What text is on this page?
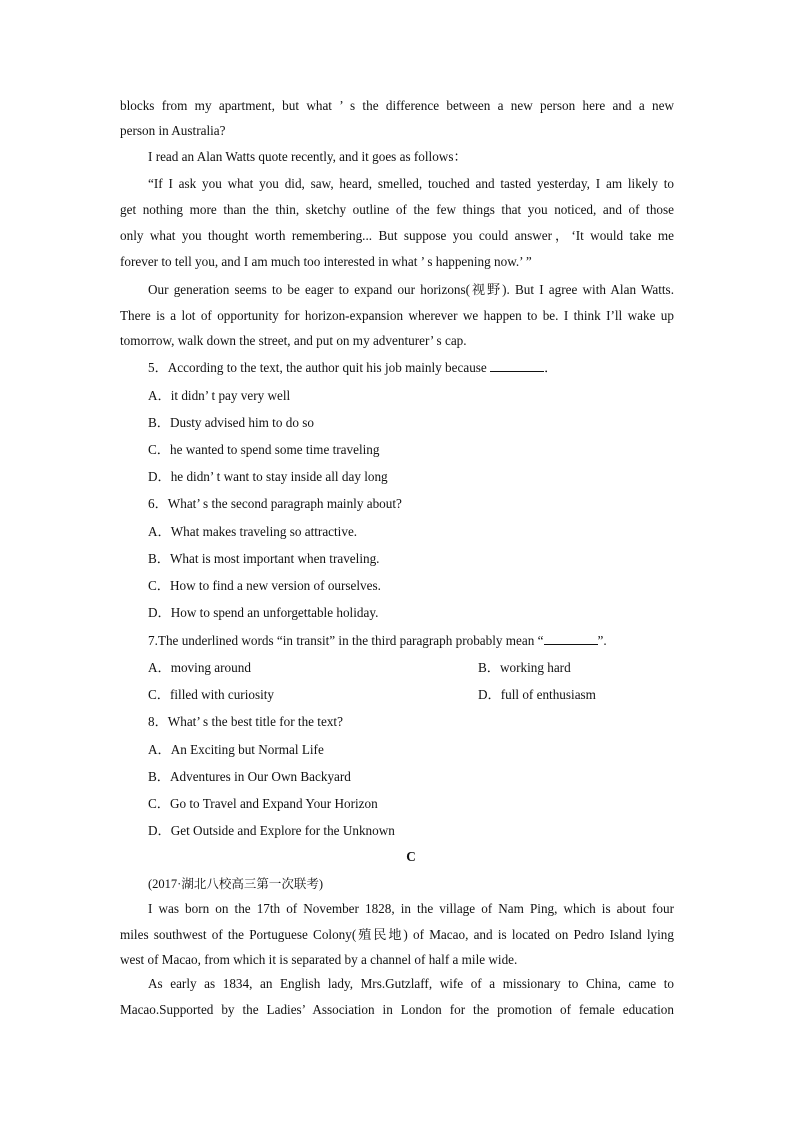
blocks from my apartment, but what ’ s the difference between a new person here and a new

person in Australia?

I read an Alan Watts quote recently, and it goes as follows：

“If I ask you what you did, saw, heard, smelled, touched and tasted yesterday, I am likely to

get nothing more than the thin, sketchy outline of the few things that you noticed, and of those

only what you thought worth remembering... But suppose you could answer，‘It would take me

forever to tell you, and I am much too interested in what ’ s happening now.’ ”

Our generation seems to be eager to expand our horizons(视野). But I agree with Alan Watts.

There is a lot of opportunity for horizon-expansion wherever we happen to be. I think I’ll wake up

tomorrow, walk down the street, and put on my adventurer’ s cap.

5．According to the text, the author quit his job mainly because	．

A．it didn’ t pay very well

B．Dusty advised him to do so

C．he wanted to spend some time traveling

D．he didn’ t want to stay inside all day long

6．What’ s the second paragraph mainly about?

A．What makes traveling so attractive.

B．What is most important when traveling.

C．How to find a new version of ourselves.

D．How to spend an unforgettable holiday.

7.The underlined words “in transit” in the third paragraph probably mean “	”.

A．moving around	B．working hard

C．filled with curiosity	D．full of enthusiasm

8．What’ s the best title for the text?

A．An Exciting but Normal Life

B．Adventures in Our Own Backyard

C．Go to Travel and Expand Your Horizon

D．Get Outside and Explore for the Unknown

C

(2017·湖北八校高三第一次联考)

I was born on the 17th of November 1828, in the village of Nam Ping, which is about four

miles southwest of the Portuguese Colony(殖民地) of Macao, and is located on Pedro Island lying

west of Macao, from which it is separated by a channel of half a mile wide.

As early as 1834, an English lady, Mrs.Gutzlaff, wife of a missionary to China, came to

Macao.Supported by the Ladies’ Association in London for the promotion of female education
